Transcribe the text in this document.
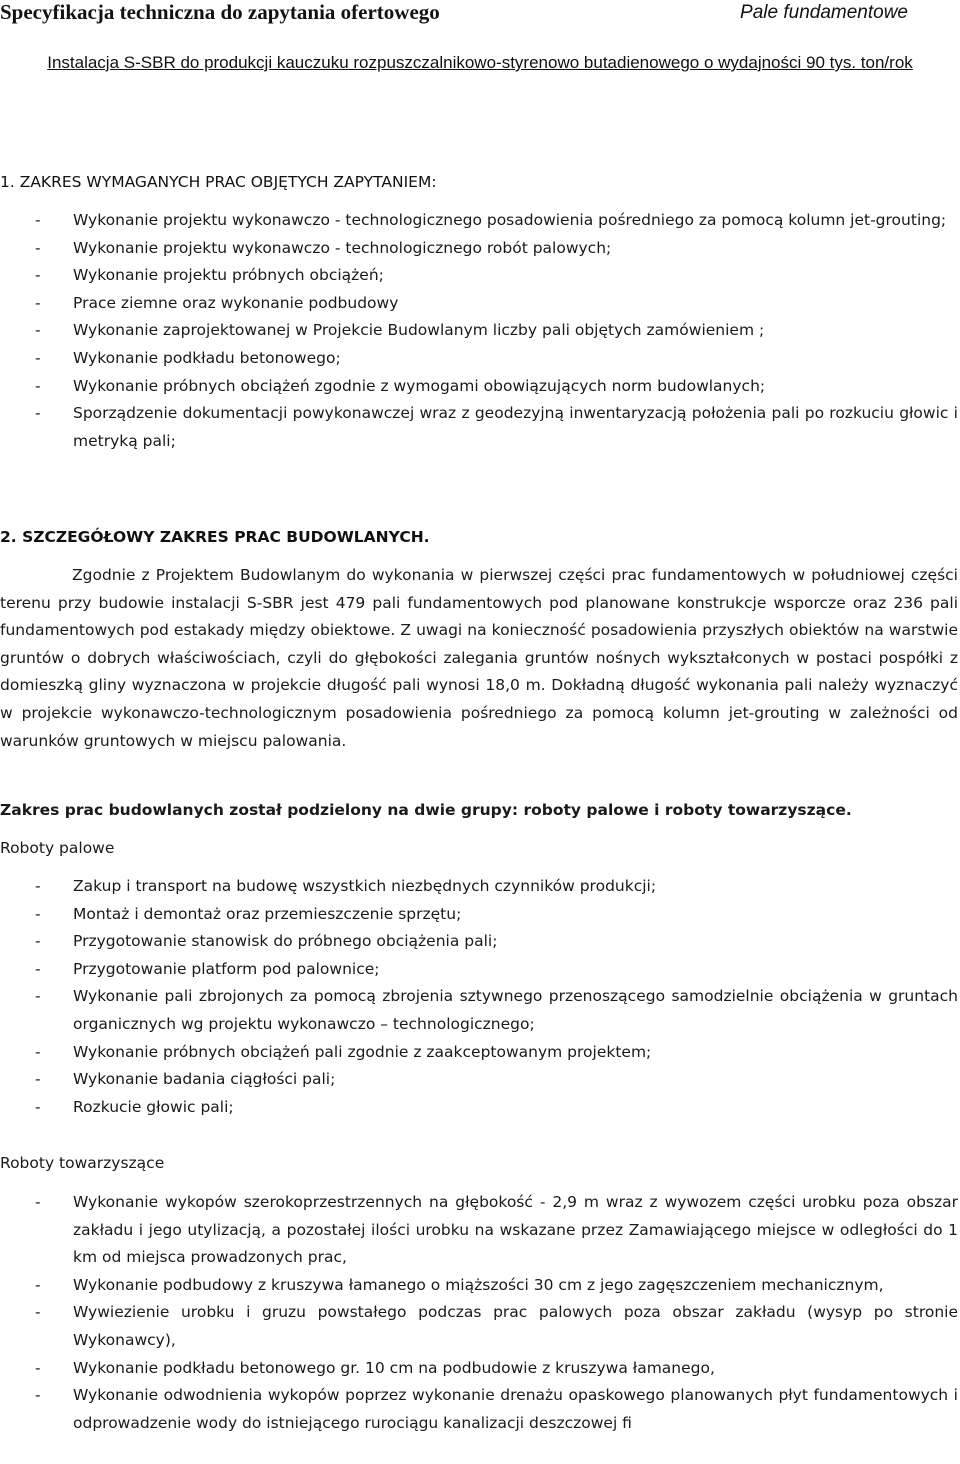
Specyfikacja techniczna do zapytania ofertowego	Pale fundamentowe
Instalacja S-SBR do produkcji kauczuku rozpuszczalnikowo-styrenowo butadienowego o wydajności 90 tys. ton/rok
1. ZAKRES WYMAGANYCH PRAC OBJĘTYCH ZAPYTANIEM:
- Wykonanie projektu wykonawczo - technologicznego posadowienia pośredniego za pomocą kolumn jet-grouting;
- Wykonanie projektu wykonawczo - technologicznego robót palowych;
- Wykonanie projektu próbnych obciążeń;
- Prace ziemne oraz wykonanie podbudowy
- Wykonanie zaprojektowanej w Projekcie Budowlanym liczby pali objętych zamówieniem ;
- Wykonanie podkładu betonowego;
- Wykonanie próbnych obciążeń zgodnie z wymogami obowiązujących norm budowlanych;
- Sporządzenie dokumentacji powykonawczej wraz z geodezyjną inwentaryzacją położenia pali po rozkuciu głowic i metryką pali;
2. SZCZEGÓŁOWY ZAKRES PRAC BUDOWLANYCH.
Zgodnie z Projektem Budowlanym do wykonania w pierwszej części prac fundamentowych w południowej części terenu przy budowie instalacji S-SBR jest 479 pali fundamentowych pod planowane konstrukcje wsporcze oraz 236 pali fundamentowych pod estakady między obiektowe. Z uwagi na konieczność posadowienia przyszłych obiektów na warstwie gruntów o dobrych właściwościach, czyli do głębokości zalegania gruntów nośnych wykształconych w postaci pospółki z domieszką gliny wyznaczona w projekcie długość pali wynosi 18,0 m. Dokładną długość wykonania pali należy wyznaczyć w projekcie wykonawczo-technologicznym posadowienia pośredniego za pomocą kolumn jet-grouting w zależności od warunków gruntowych w miejscu palowania.
Zakres prac budowlanych został podzielony na dwie grupy: roboty palowe i roboty towarzyszące.
Roboty palowe
- Zakup i transport na budowę wszystkich niezbędnych czynników produkcji;
- Montaż i demontaż oraz przemieszczenie sprzętu;
- Przygotowanie stanowisk do próbnego obciążenia pali;
- Przygotowanie platform pod palownice;
- Wykonanie pali zbrojonych za pomocą zbrojenia sztywnego przenoszącego samodzielnie obciążenia w gruntach organicznych wg projektu wykonawczo – technologicznego;
- Wykonanie próbnych obciążeń pali zgodnie z zaakceptowanym projektem;
- Wykonanie badania ciągłości pali;
- Rozkucie głowic pali;
Roboty towarzyszące
- Wykonanie wykopów szerokoprzestrzennych na głębokość - 2,9 m wraz z wywozem części urobku poza obszar zakładu i jego utylizacją, a pozostałej ilości urobku na wskazane przez Zamawiającego miejsce w odległości do 1 km od miejsca prowadzonych prac,
- Wykonanie podbudowy z kruszywa łamanego o miąższości 30 cm z jego zagęszczeniem mechanicznym,
- Wywiezienie urobku i gruzu powstałego podczas prac palowych poza obszar zakładu (wysyp po stronie Wykonawcy),
- Wykonanie podkładu betonowego gr. 10 cm na podbudowie z kruszywa łamanego,
- Wykonanie odwodnienia wykopów poprzez wykonanie drenażu opaskowego planowanych płyt fundamentowych i odprowadzenie wody do istniejącego rurociągu kanalizacji deszczowej fi
